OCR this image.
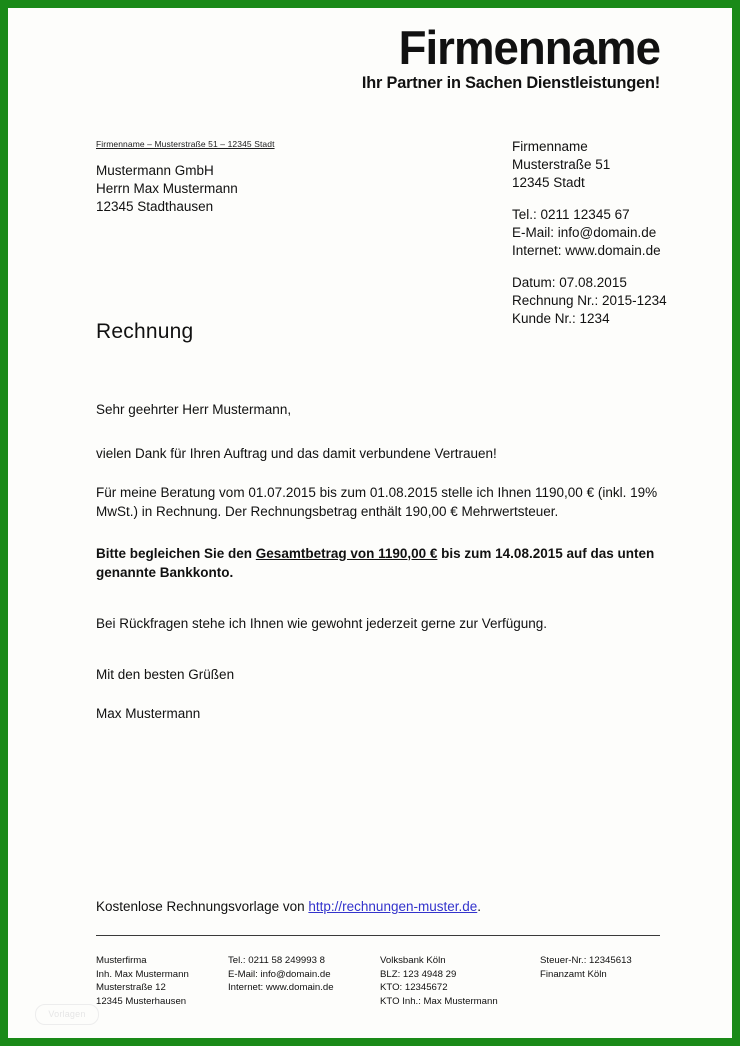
Firmenname
Ihr Partner in Sachen Dienstleistungen!
Firmenname – Musterstraße 51 – 12345 Stadt
Mustermann GmbH
Herrn Max Mustermann
12345 Stadthausen
Firmenname
Musterstraße 51
12345 Stadt
Tel.: 0211 12345 67
E-Mail: info@domain.de
Internet: www.domain.de
Datum: 07.08.2015
Rechnung Nr.: 2015-1234
Kunde Nr.: 1234
Rechnung

Sehr geehrter Herr Mustermann,

vielen Dank für Ihren Auftrag und das damit verbundene Vertrauen!

Für meine Beratung vom 01.07.2015 bis zum 01.08.2015 stelle ich Ihnen 1190,00 € (inkl. 19% MwSt.) in Rechnung. Der Rechnungsbetrag enthält 190,00 € Mehrwertsteuer.

Bitte begleichen Sie den Gesamtbetrag von 1190,00 € bis zum 14.08.2015 auf das unten genannte Bankkonto.

Bei Rückfragen stehe ich Ihnen wie gewohnt jederzeit gerne zur Verfügung.

Mit den besten Grüßen

Max Mustermann

Kostenlose Rechnungsvorlage von http://rechnungen-muster.de.
Musterfirma
Inh. Max Mustermann
Musterstraße 12
12345 Musterhausen
Tel.: 0211 58 249993 8
E-Mail: info@domain.de
Internet: www.domain.de
Volksbank Köln
BLZ: 123 4948 29
KTO: 12345672
KTO Inh.: Max Mustermann
Steuer-Nr.: 12345613
Finanzamt Köln
Vorlagen
